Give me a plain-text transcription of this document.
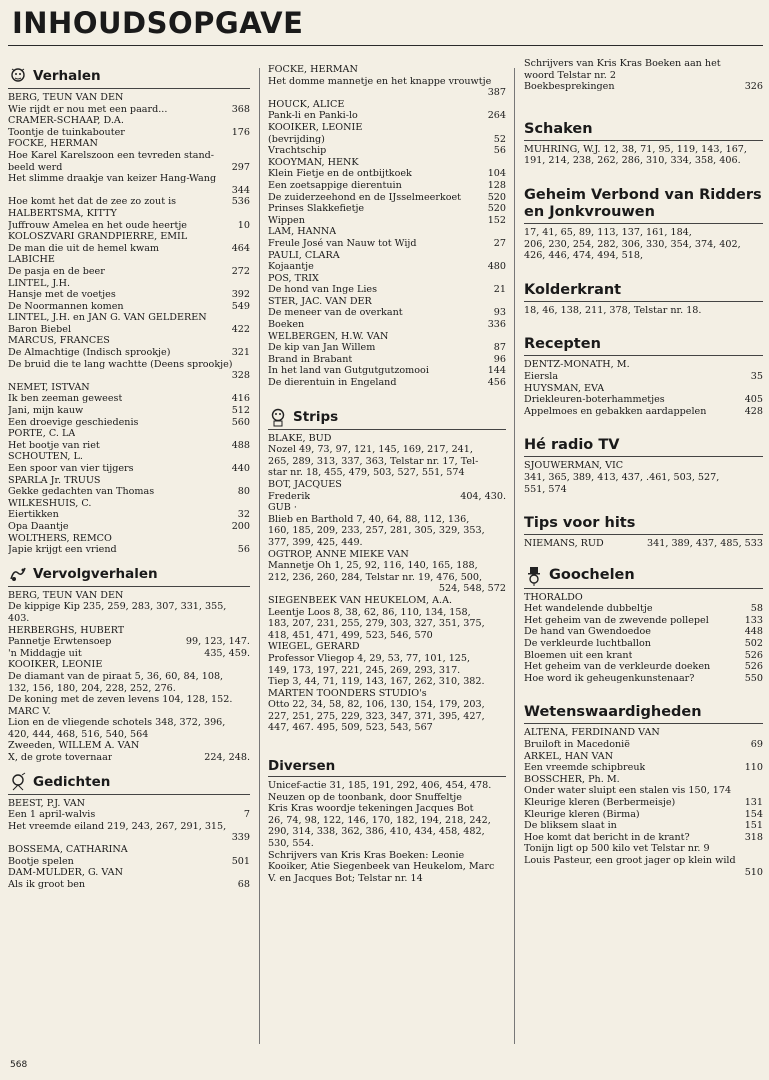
INHOUDSOPGAVE
Verhalen
BERG, TEUN VAN DEN
Wie rijdt er nou met een paard...	368
CRAMER-SCHAAP, D.A.
Toontje de tuinkabouter	176
FOCKE, HERMAN
Hoe Karel Karelszoon een tevreden stand-
beeld werd	297
Het slimme draakje van keizer Hang-Wang
344
Hoe komt het dat de zee zo zout is	536
HALBERTSMA, KITTY
Juffrouw Amelea en het oude heertje	10
KOLOSZVARI GRANDPIERRE, EMIL
De man die uit de hemel kwam	464
LABICHE
De pasja en de beer	272
LINTEL, J.H.
Hansje met de voetjes	392
De Noormannen komen	549
LINTEL, J.H. en JAN G. VAN GELDEREN
Baron Biebel	422
MARCUS, FRANCES
De Almachtige (Indisch sprookje)	321
De bruid die te lang wachtte (Deens sprookje)
328
NEMET, ISTVÁN
Ik ben zeeman geweest	416
Jani, mijn kauw	512
Een droevige geschiedenis	560
PORTE, C. LA
Het bootje van riet	488
SCHOUTEN, L.
Een spoor van vier tijgers	440
SPARLA Jr. TRUUS
Gekke gedachten van Thomas	80
WILKESHUIS, C.
Eiertikken	32
Opa Daantje	200
WOLTHERS, REMCO
Japie krijgt een vriend	56
Vervolgverhalen
BERG, TEUN VAN DEN
De kippige Kip 235, 259, 283, 307, 331, 355,
403.
HERBERGHS, HUBERT
Pannetje Erwtensoep	99, 123, 147.
'n Middagje uit	435, 459.
KOOIKER, LEONIE
De diamant van de piraat 5, 36, 60, 84, 108,
132, 156, 180, 204, 228, 252, 276.
De koning met de zeven levens 104, 128, 152.
MARC V.
Lion en de vliegende schotels 348, 372, 396,
420, 444, 468, 516, 540, 564
Zweeden, WILLEM A. VAN
X, de grote tovernaar	224, 248.
Gedichten
BEEST, P.J. VAN
Een 1 april-walvis	7
Het vreemde eiland 219, 243, 267, 291, 315,
339
BOSSEMA, CATHARINA
Bootje spelen	501
DAM-MULDER, G. VAN
Als ik groot ben	68
FOCKE, HERMAN
Het domme mannetje en het knappe vrouwtje
387
HOUCK, ALICE
Pank-li en Panki-lo	264
KOOIKER, LEONIE
(bevrijding)	52
Vrachtschip	56
KOOYMAN, HENK
Klein Fietje en de ontbijtkoek	104
Een zoetsappige dierentuin	128
De zuiderzeehond en de IJsselmeerkoet	520
Prinses Slakkefietje	520
Wippen	152
LAM, HANNA
Freule José van Nauw tot Wijd	27
PAULI, CLARA
Kojaantje	480
POS, TRIX
De hond van Inge Lies	21
STER, JAC. VAN DER
De meneer van de overkant	93
Boeken	336
WELBERGEN, H.W. VAN
De kip van Jan Willem	87
Brand in Brabant	96
In het land van Gutgutgutzomooi	144
De dierentuin in Engeland	456
Strips
BLAKE, BUD
Nozel 49, 73, 97, 121, 145, 169, 217, 241,
265, 289, 313, 337, 363, Telstar nr. 17, Tel-
star nr. 18, 455, 479, 503, 527, 551, 574
BOT, JACQUES
Frederik	404, 430.
GUB ·
Blieb en Barthold 7, 40, 64, 88, 112, 136,
160, 185, 209, 233, 257, 281, 305, 329, 353,
377, 399, 425, 449.
OGTROP, ANNE MIEKE VAN
Mannetje Oh 1, 25, 92, 116, 140, 165, 188,
212, 236, 260, 284, Telstar nr. 19, 476, 500,
524, 548, 572
SIEGENBEEK VAN HEUKELOM, A.A.
Leentje Loos 8, 38, 62, 86, 110, 134, 158,
183, 207, 231, 255, 279, 303, 327, 351, 375,
418, 451, 471, 499, 523, 546, 570
WIEGEL, GERARD
Professor Vliegop 4, 29, 53, 77, 101, 125,
149, 173, 197, 221, 245, 269, 293, 317.
Tiep 3, 44, 71, 119, 143, 167, 262, 310, 382.
MARTEN TOONDERS STUDIO's
Otto 22, 34, 58, 82, 106, 130, 154, 179, 203,
227, 251, 275, 229, 323, 347, 371, 395, 427,
447, 467. 495, 509, 523, 543, 567
Diversen
Unicef-actie 31, 185, 191, 292, 406, 454, 478.
Neuzen op de toonbank, door Snuffeltje
Kris Kras woordje tekeningen Jacques Bot
26, 74, 98, 122, 146, 170, 182, 194, 218, 242,
290, 314, 338, 362, 386, 410, 434, 458, 482,
530, 554.
Schrijvers van Kris Kras Boeken: Leonie
Kooiker, Atie Siegenbeek van Heukelom, Marc
V. en Jacques Bot; Telstar nr. 14
Schrijvers van Kris Kras Boeken aan het
woord Telstar nr. 2
Boekbesprekingen	326
Schaken
MUHRING, W.J. 12, 38, 71, 95, 119, 143, 167,
191, 214, 238, 262, 286, 310, 334, 358, 406.
Geheim Verbond van Ridders en Jonkvrouwen
17, 41, 65, 89, 113, 137, 161, 184,
206, 230, 254, 282, 306, 330, 354, 374, 402,
426, 446, 474, 494, 518,
Kolderkrant
18, 46, 138, 211, 378, Telstar nr. 18.
Recepten
DENTZ-MONATH, M.
Eiersla	35
HUYSMAN, EVA
Driekleuren-boterhammetjes	405
Appelmoes en gebakken aardappelen	428
Hé radio TV
SJOUWERMAN, VIC
341, 365, 389, 413, 437, .461, 503, 527,
551, 574
Tips voor hits
NIEMANS, RUD	341, 389, 437, 485, 533
Goochelen
THORALDO
Het wandelende dubbeltje	58
Het geheim van de zwevende pollepel	133
De hand van Gwendoedoe	448
De verkleurde luchtballon	502
Bloemen uit een krant	526
Het geheim van de verkleurde doeken	526
Hoe word ik geheugenkunstenaar?	550
Wetenswaardigheden
ALTENA, FERDINAND VAN
Bruiloft in Macedonië	69
ARKEL, HAN VAN
Een vreemde schipbreuk	110
BOSSCHER, Ph. M.
Onder water sluipt een stalen vis 150, 174
Kleurige kleren (Berbermeisje)	131
Kleurige kleren (Birma)	154
De bliksem slaat in	151
Hoe komt dat bericht in de krant?	318
Tonijn ligt op 500 kilo vet Telstar nr. 9
Louis Pasteur, een groot jager op klein wild
510
568
